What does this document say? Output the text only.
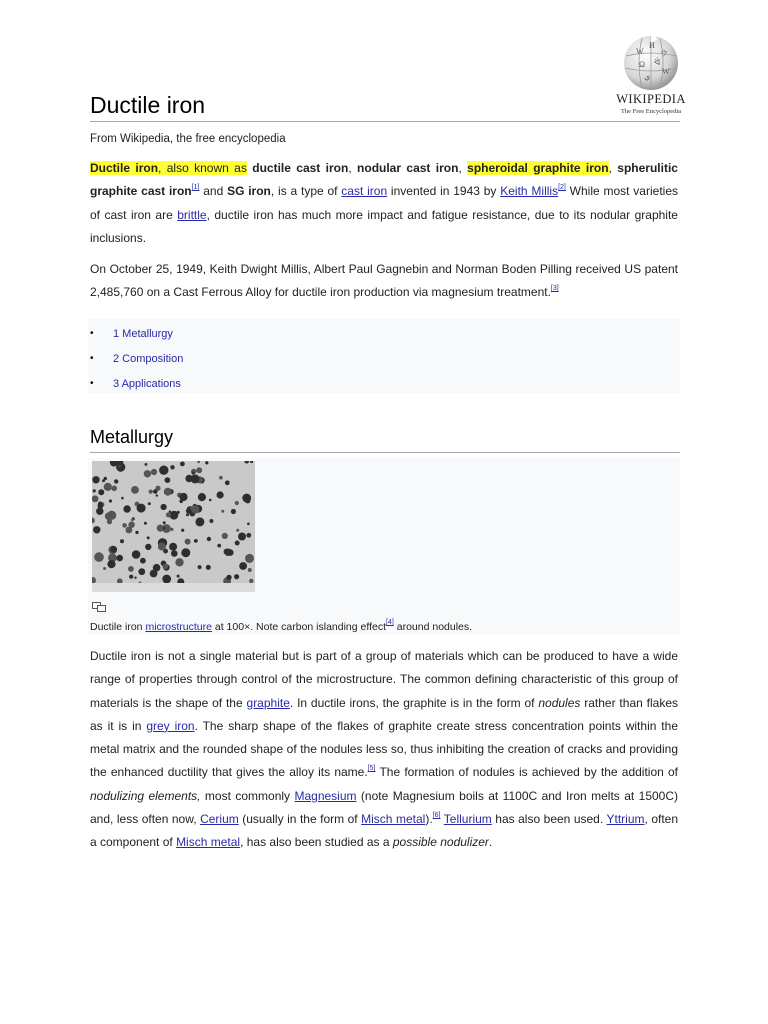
W
И
ウ
Ω ᐛ
W
ي
WIKIPEDIA
The Free Encyclopedia
Ductile iron
From Wikipedia, the free encyclopedia
Ductile iron, also known as ductile cast iron, nodular cast iron, spheroidal graphite iron, spherulitic graphite cast iron[1] and SG iron, is a type of cast iron invented in 1943 by Keith Millis[2] While most varieties of cast iron are brittle, ductile iron has much more impact and fatigue resistance, due to its nodular graphite inclusions.
On October 25, 1949, Keith Dwight Millis, Albert Paul Gagnebin and Norman Boden Pilling received US patent 2,485,760 on a Cast Ferrous Alloy for ductile iron production via magnesium treatment.[3]
• 1 Metallurgy
• 2 Composition
• 3 Applications
Metallurgy
Ductile iron microstructure at 100×. Note carbon islanding effect[4] around nodules.
Ductile iron is not a single material but is part of a group of materials which can be produced to have a wide range of properties through control of the microstructure. The common defining characteristic of this group of materials is the shape of the graphite. In ductile irons, the graphite is in the form of nodules rather than flakes as it is in grey iron. The sharp shape of the flakes of graphite create stress concentration points within the metal matrix and the rounded shape of the nodules less so, thus inhibiting the creation of cracks and providing the enhanced ductility that gives the alloy its name.[5] The formation of nodules is achieved by the addition of nodulizing elements, most commonly Magnesium (note Magnesium boils at 1100C and Iron melts at 1500C) and, less often now, Cerium (usually in the form of Misch metal).[6] Tellurium has also been used. Yttrium, often a component of Misch metal, has also been studied as a possible nodulizer.
